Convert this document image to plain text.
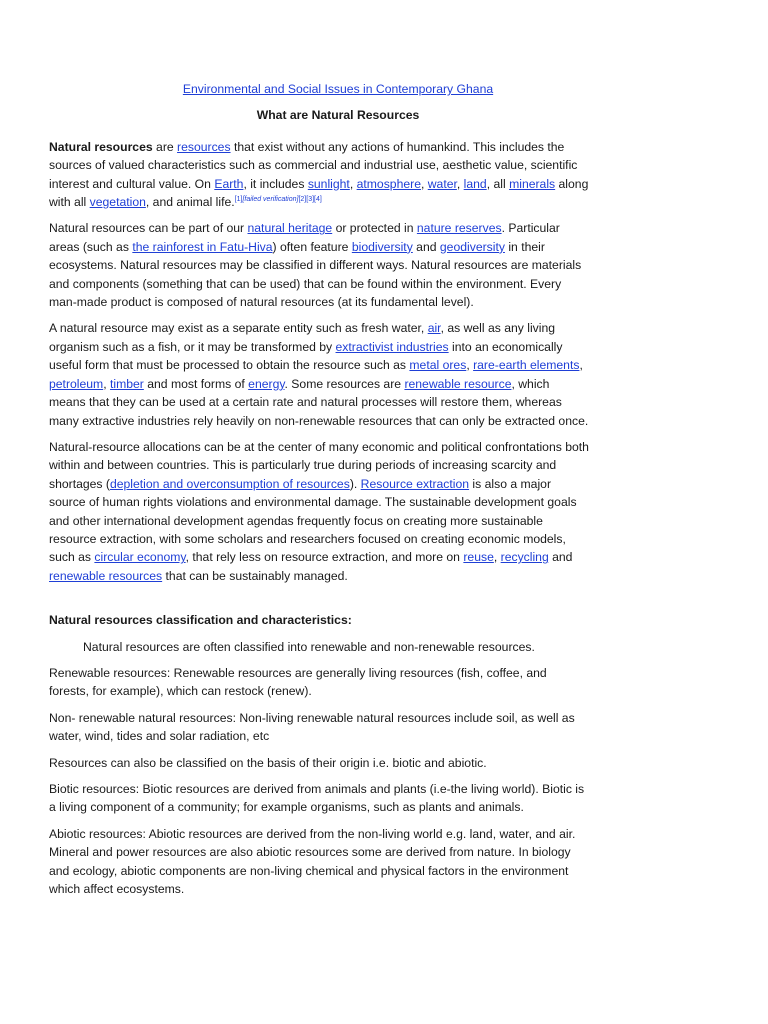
Environmental and Social Issues in Contemporary Ghana
What are Natural Resources

Natural resources are resources that exist without any actions of humankind. This includes the sources of valued characteristics such as commercial and industrial use, aesthetic value, scientific interest and cultural value. On Earth, it includes sunlight, atmosphere, water, land, all minerals along with all vegetation, and animal life.[1][failed verification][2][3][4]

Natural resources can be part of our natural heritage or protected in nature reserves. Particular areas (such as the rainforest in Fatu-Hiva) often feature biodiversity and geodiversity in their ecosystems. Natural resources may be classified in different ways. Natural resources are materials and components (something that can be used) that can be found within the environment. Every man-made product is composed of natural resources (at its fundamental level).

A natural resource may exist as a separate entity such as fresh water, air, as well as any living organism such as a fish, or it may be transformed by extractivist industries into an economically useful form that must be processed to obtain the resource such as metal ores, rare-earth elements, petroleum, timber and most forms of energy. Some resources are renewable resource, which means that they can be used at a certain rate and natural processes will restore them, whereas many extractive industries rely heavily on non-renewable resources that can only be extracted once.

Natural-resource allocations can be at the center of many economic and political confrontations both within and between countries. This is particularly true during periods of increasing scarcity and shortages (depletion and overconsumption of resources). Resource extraction is also a major source of human rights violations and environmental damage. The sustainable development goals and other international development agendas frequently focus on creating more sustainable resource extraction, with some scholars and researchers focused on creating economic models, such as circular economy, that rely less on resource extraction, and more on reuse, recycling and renewable resources that can be sustainably managed.

Natural resources classification and characteristics:

Natural resources are often classified into renewable and non-renewable resources.

Renewable resources: Renewable resources are generally living resources (fish, coffee, and forests, for example), which can restock (renew).

Non- renewable natural resources: Non-living renewable natural resources include soil, as well as water, wind, tides and solar radiation, etc

Resources can also be classified on the basis of their origin i.e. biotic and abiotic.

Biotic resources: Biotic resources are derived from animals and plants (i.e-the living world). Biotic is a living component of a community; for example organisms, such as plants and animals.

Abiotic resources: Abiotic resources are derived from the non-living world e.g. land, water, and air. Mineral and power resources are also abiotic resources some are derived from nature. In biology and ecology, abiotic components are non-living chemical and physical factors in the environment which affect ecosystems.
